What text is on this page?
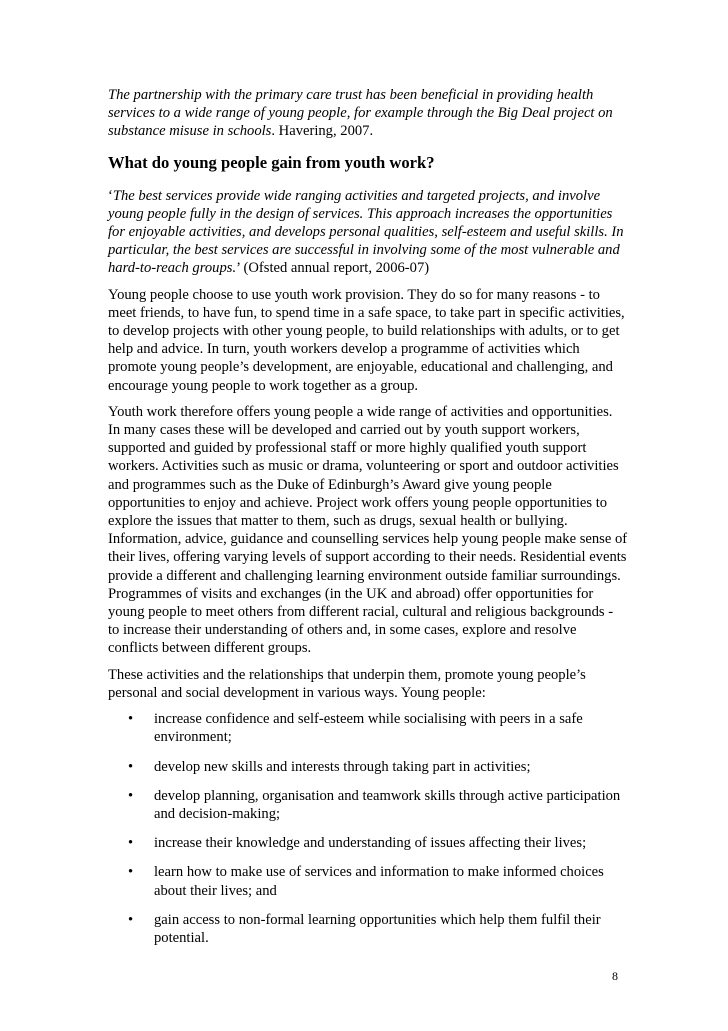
The partnership with the primary care trust has been beneficial in providing health services to a wide range of young people, for example through the Big Deal project on substance misuse in schools. Havering, 2007.

What do young people gain from youth work?

‘The best services provide wide ranging activities and targeted projects, and involve young people fully in the design of services. This approach increases the opportunities for enjoyable activities, and develops personal qualities, self-esteem and useful skills. In particular, the best services are successful in involving some of the most vulnerable and hard-to-reach groups.’ (Ofsted annual report, 2006-07)

Young people choose to use youth work provision. They do so for many reasons - to meet friends, to have fun, to spend time in a safe space, to take part in specific activities, to develop projects with other young people, to build relationships with adults, or to get help and advice. In turn, youth workers develop a programme of activities which promote young people’s development, are enjoyable, educational and challenging, and encourage young people to work together as a group.

Youth work therefore offers young people a wide range of activities and opportunities. In many cases these will be developed and carried out by youth support workers, supported and guided by professional staff or more highly qualified youth support workers. Activities such as music or drama, volunteering or sport and outdoor activities and programmes such as the Duke of Edinburgh’s Award give young people opportunities to enjoy and achieve. Project work offers young people opportunities to explore the issues that matter to them, such as drugs, sexual health or bullying. Information, advice, guidance and counselling services help young people make sense of their lives, offering varying levels of support according to their needs. Residential events provide a different and challenging learning environment outside familiar surroundings. Programmes of visits and exchanges (in the UK and abroad) offer opportunities for young people to meet others from different racial, cultural and religious backgrounds - to increase their understanding of others and, in some cases, explore and resolve conflicts between different groups.

These activities and the relationships that underpin them, promote young people’s personal and social development in various ways. Young people:

• increase confidence and self-esteem while socialising with peers in a safe environment;
• develop new skills and interests through taking part in activities;
• develop planning, organisation and teamwork skills through active participation and decision-making;
• increase their knowledge and understanding of issues affecting their lives;
• learn how to make use of services and information to make informed choices about their lives; and
• gain access to non-formal learning opportunities which help them fulfil their potential.
8
